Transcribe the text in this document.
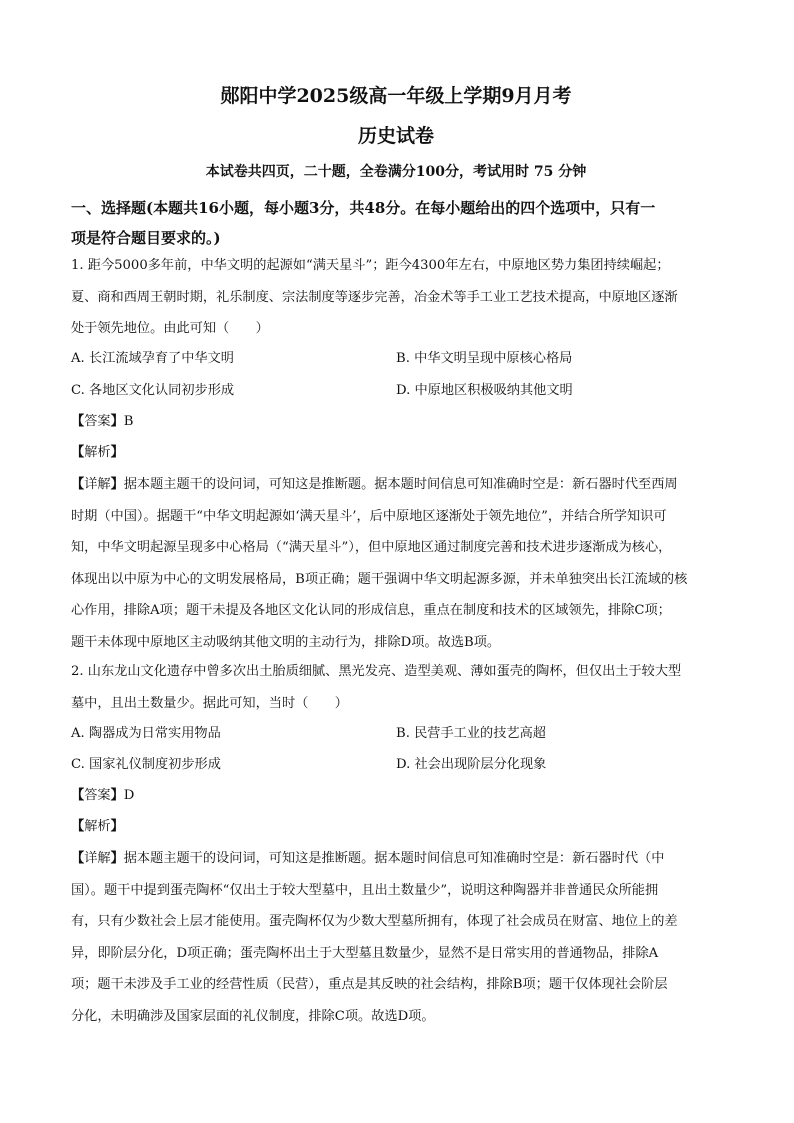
郧阳中学2025级高一年级上学期9月月考
历史试卷
本试卷共四页，二十题，全卷满分100分，考试用时 75 分钟
一、选择题(本题共16小题，每小题3分，共48分。在每小题给出的四个选项中，只有一
项是符合题目要求的。)
1. 距今5000多年前，中华文明的起源如“满天星斗”；距今4300年左右，中原地区势力集团持续崛起；
夏、商和西周王朝时期，礼乐制度、宗法制度等逐步完善，冶金术等手工业工艺技术提高，中原地区逐渐
处于领先地位。由此可知（　　）
A. 长江流域孕育了中华文明	B. 中华文明呈现中原核心格局
C. 各地区文化认同初步形成	D. 中原地区积极吸纳其他文明
【答案】B
【解析】
【详解】据本题主题干的设问词，可知这是推断题。据本题时间信息可知准确时空是：新石器时代至西周
时期（中国）。据题干“中华文明起源如‘满天星斗’，后中原地区逐渐处于领先地位”，并结合所学知识可
知，中华文明起源呈现多中心格局（“满天星斗”），但中原地区通过制度完善和技术进步逐渐成为核心，
体现出以中原为中心的文明发展格局，B项正确；题干强调中华文明起源多源，并未单独突出长江流域的核
心作用，排除A项；题干未提及各地区文化认同的形成信息，重点在制度和技术的区域领先，排除C项；
题干未体现中原地区主动吸纳其他文明的主动行为，排除D项。故选B项。
2. 山东龙山文化遗存中曾多次出土胎质细腻、黑光发亮、造型美观、薄如蛋壳的陶杯，但仅出土于较大型
墓中，且出土数量少。据此可知，当时（　　）
A. 陶器成为日常实用物品	B. 民营手工业的技艺高超
C. 国家礼仪制度初步形成	D. 社会出现阶层分化现象
【答案】D
【解析】
【详解】据本题主题干的设问词，可知这是推断题。据本题时间信息可知准确时空是：新石器时代（中
国）。题干中提到蛋壳陶杯“仅出土于较大型墓中，且出土数量少”，说明这种陶器并非普通民众所能拥
有，只有少数社会上层才能使用。蛋壳陶杯仅为少数大型墓所拥有，体现了社会成员在财富、地位上的差
异，即阶层分化，D项正确；蛋壳陶杯出土于大型墓且数量少，显然不是日常实用的普通物品，排除A
项；题干未涉及手工业的经营性质（民营），重点是其反映的社会结构，排除B项；题干仅体现社会阶层
分化，未明确涉及国家层面的礼仪制度，排除C项。故选D项。
